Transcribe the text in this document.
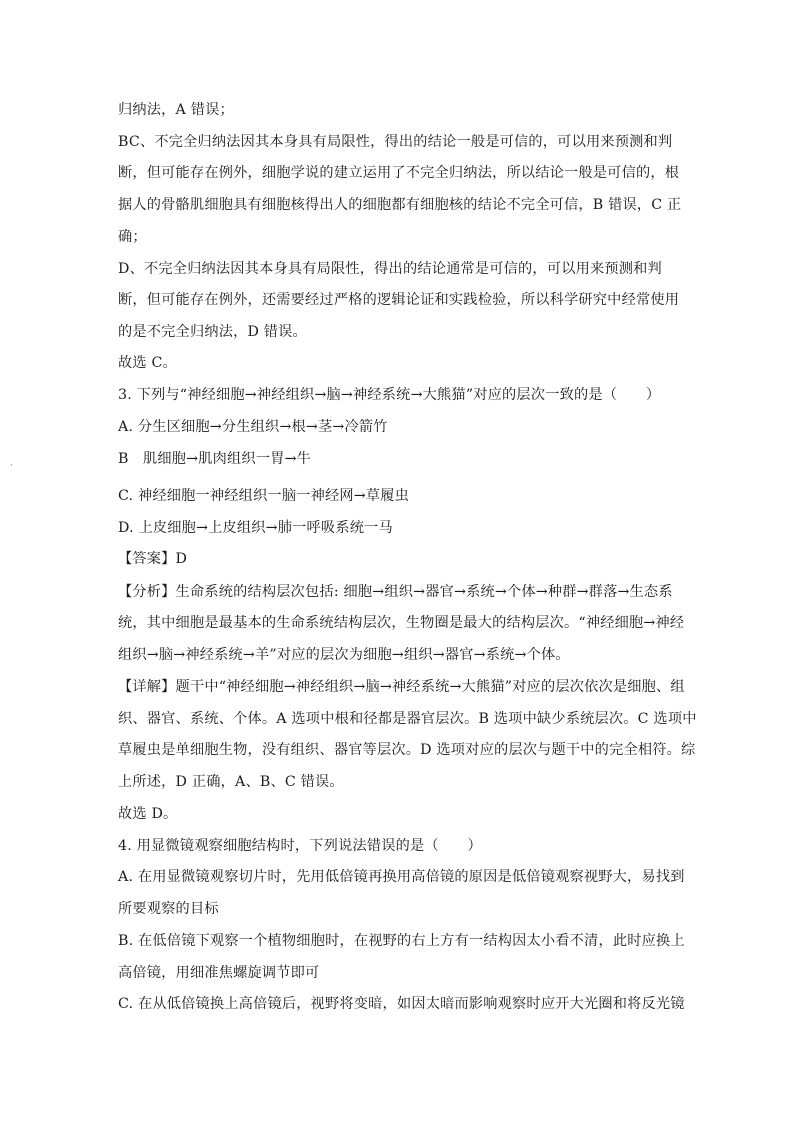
归纳法，A 错误；
BC、不完全归纳法因其本身具有局限性，得出的结论一般是可信的，可以用来预测和判
断，但可能存在例外，细胞学说的建立运用了不完全归纳法，所以结论一般是可信的，根
据人的骨骼肌细胞具有细胞核得出人的细胞都有细胞核的结论不完全可信，B 错误，C 正
确；
D、不完全归纳法因其本身具有局限性，得出的结论通常是可信的，可以用来预测和判
断，但可能存在例外，还需要经过严格的逻辑论证和实践检验，所以科学研究中经常使用
的是不完全归纳法，D 错误。
故选 C。
3. 下列与“神经细胞→神经组织→脑→神经系统→大熊猫”对应的层次一致的是（　　）
A. 分生区细胞→分生组织→根→茎→冷箭竹
B　肌细胞→肌肉组织一胃→牛
C. 神经细胞一神经组织一脑一神经网→草履虫
D. 上皮细胞→上皮组织→肺一呼吸系统一马
【答案】D
【分析】生命系统的结构层次包括: 细胞→组织→器官→系统→个体→种群→群落→生态系
统，其中细胞是最基本的生命系统结构层次，生物圈是最大的结构层次。“神经细胞→神经
组织→脑→神经系统→羊”对应的层次为细胞→组织→器官→系统→个体。
【详解】题干中“神经细胞→神经组织→脑→神经系统→大熊猫”对应的层次依次是细胞、组
织、器官、系统、个体。A 选项中根和径都是器官层次。B 选项中缺少系统层次。C 选项中
草履虫是单细胞生物，没有组织、器官等层次。D 选项对应的层次与题干中的完全相符。综
上所述，D 正确，A、B、C 错误。
故选 D。
4. 用显微镜观察细胞结构时，下列说法错误的是（　　）
A. 在用显微镜观察切片时，先用低倍镜再换用高倍镜的原因是低倍镜观察视野大，易找到
所要观察的目标
B. 在低倍镜下观察一个植物细胞时，在视野的右上方有一结构因太小看不清，此时应换上
高倍镜，用细准焦螺旋调节即可
C. 在从低倍镜换上高倍镜后，视野将变暗，如因太暗而影响观察时应开大光圈和将反光镜
·
